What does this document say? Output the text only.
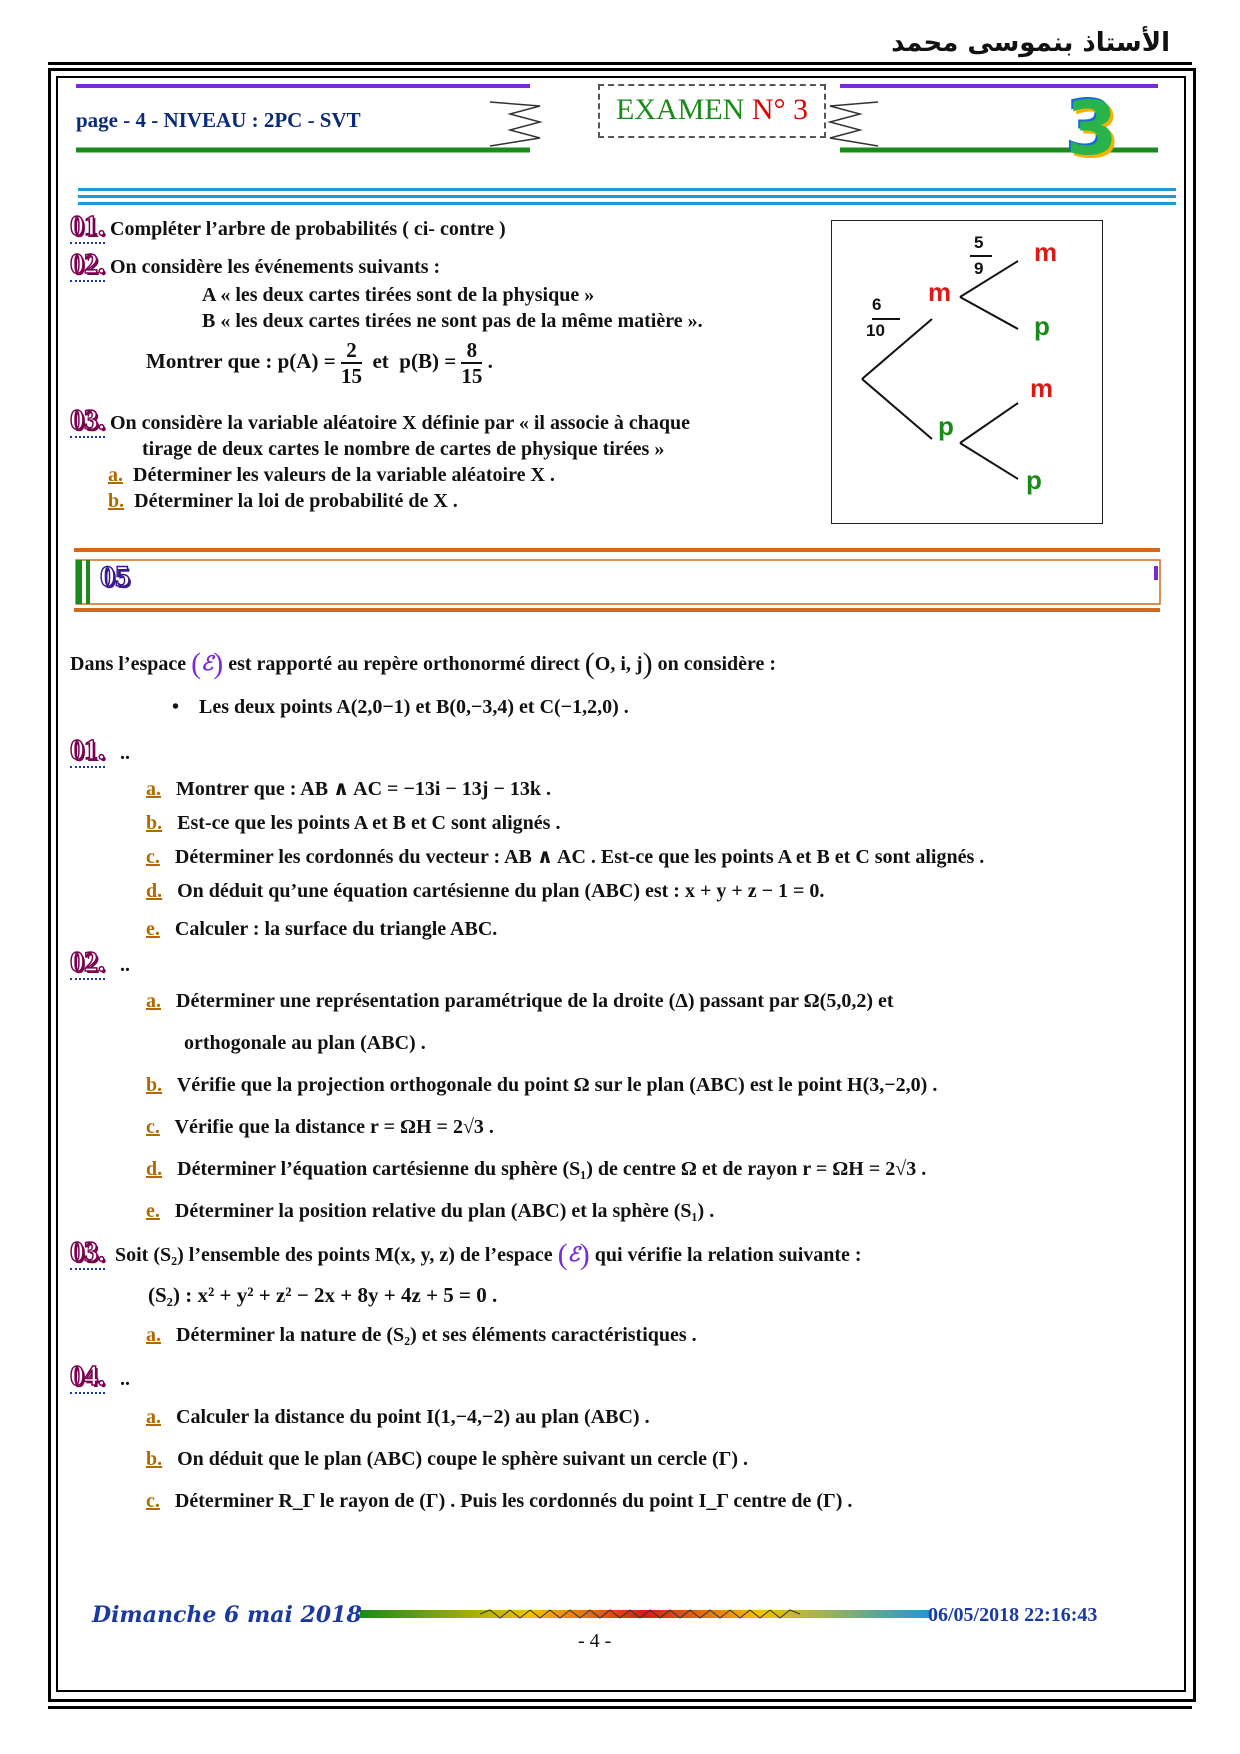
الأستاذ بنموسى محمد
page - 4 - NIVEAU : 2PC - SVT	EXAMEN N° 3	3
01. Compléter l’arbre de probabilités ( ci- contre )
02. On considère les événements suivants :
A « les deux cartes tirées sont de la physique »
B « les deux cartes tirées ne sont pas de la même matière ».
Montrer que : $p(A) = \frac{2}{15}$ et $p(B) = \frac{8}{15}$ .
03. On considère la variable aléatoire X définie par « il associe à chaque
tirage de deux cartes le nombre de cartes de physique tirées »
a. Déterminer les valeurs de la variable aléatoire X .
b. Déterminer la loi de probabilité de X .
6
10
5
9
m
p
m
p
m
p
05
Dans l’espace (ℰ) est rapporté au repère orthonormé direct (O, i, j) on considère :
• Les deux points A(2,0−1) et B(0,−3,4) et C(−1,2,0) .
01. ..
a. Montrer que : AB ∧ AC = −13i − 13j − 13k .
b. Est-ce que les points A et B et C sont alignés .
c. Déterminer les cordonnés du vecteur : AB ∧ AC . Est-ce que les points A et B et C sont alignés .
d. On déduit qu’une équation cartésienne du plan (ABC) est : x + y + z − 1 = 0.
e. Calculer : la surface du triangle ABC.
02. ..
a. Déterminer une représentation paramétrique de la droite (Δ) passant par Ω(5,0,2) et
orthogonale au plan (ABC) .
b. Vérifie que la projection orthogonale du point Ω sur le plan (ABC) est le point H(3,−2,0) .
c. Vérifie que la distance r = ΩH = 2√3 .
d. Déterminer l’équation cartésienne du sphère (S₁) de centre Ω et de rayon r = ΩH = 2√3 .
e. Déterminer la position relative du plan (ABC) et la sphère (S₁) .
03. Soit (S₂) l’ensemble des points M(x, y, z) de l’espace (ℰ) qui vérifie la relation suivante :
(S₂) : x² + y² + z² − 2x + 8y + 4z + 5 = 0 .
a. Déterminer la nature de (S₂) et ses éléments caractéristiques .
04. ..
a. Calculer la distance du point I(1,−4,−2) au plan (ABC) .
b. On déduit que le plan (ABC) coupe le sphère suivant un cercle (Γ) .
c. Déterminer R_Γ le rayon de (Γ) . Puis les cordonnés du point I_Γ centre de (Γ) .
Dimanche 6 mai 2018	06/05/2018 22:16:43
- 4 -
